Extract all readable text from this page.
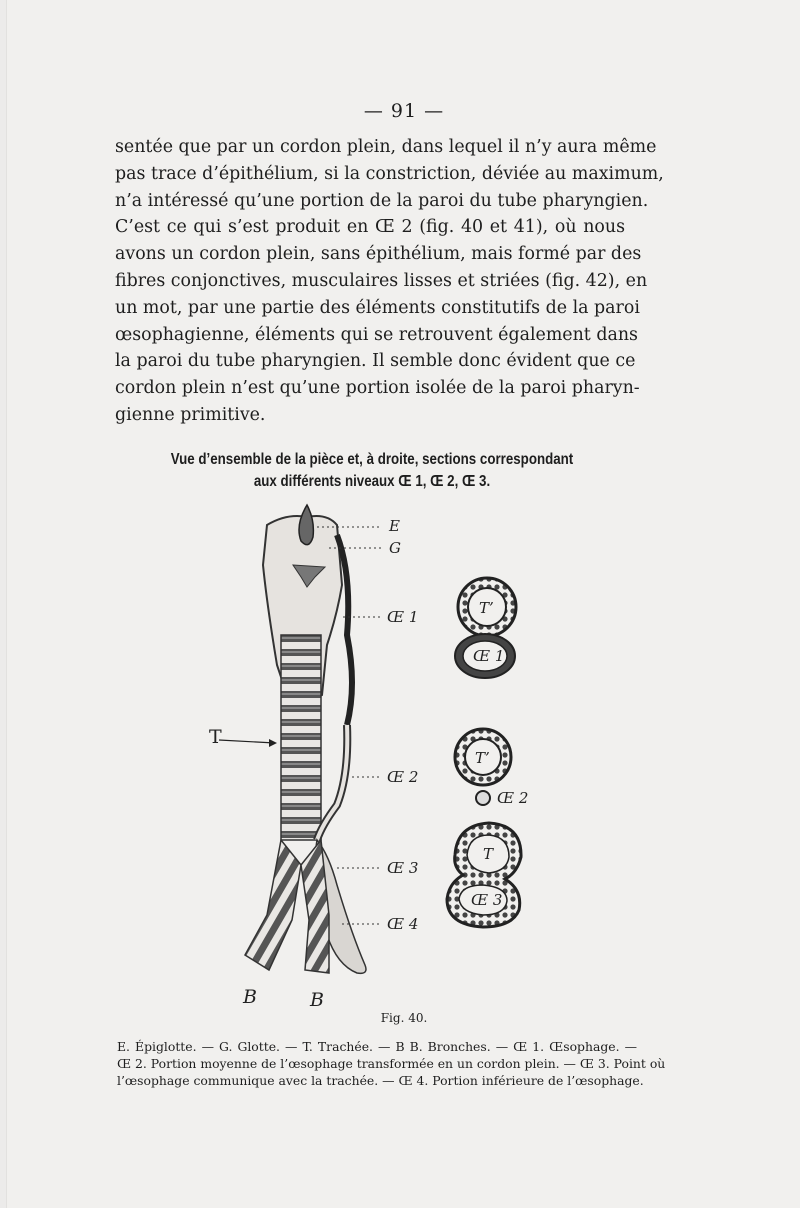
— 91 —
sentée que par un cordon plein, dans lequel il n’y aura même
pas trace d’épithélium, si la constriction, déviée au maximum,
n’a intéressé qu’une portion de la paroi du tube pharyngien.
C’est ce qui s’est produit en Œ 2 (fig. 40 et 41), où nous
avons un cordon plein, sans épithélium, mais formé par des
fibres conjonctives, musculaires lisses et striées (fig. 42), en
un mot, par une partie des éléments constitutifs de la paroi
œsophagienne, éléments qui se retrouvent également dans
la paroi du tube pharyngien. Il semble donc évident que ce
cordon plein n’est qu’une portion isolée de la paroi pharyn-
gienne primitive.
Vue d’ensemble de la pièce et, à droite, sections correspondant
aux différents niveaux Œ 1, Œ 2, Œ 3.
E
G
Œ 1
T
Œ 2
Œ 3
Œ 4
B	B
T’
Œ 1
T’
Œ 2
T
Œ 3
Fig. 40.
E. Épiglotte. — G. Glotte. — T. Trachée. — B B. Bronches. — Œ 1. Œsophage. —
Œ 2. Portion moyenne de l’œsophage transformée en un cordon plein. — Œ 3. Point où
l’œsophage communique avec la trachée. — Œ 4. Portion inférieure de l’œsophage.
